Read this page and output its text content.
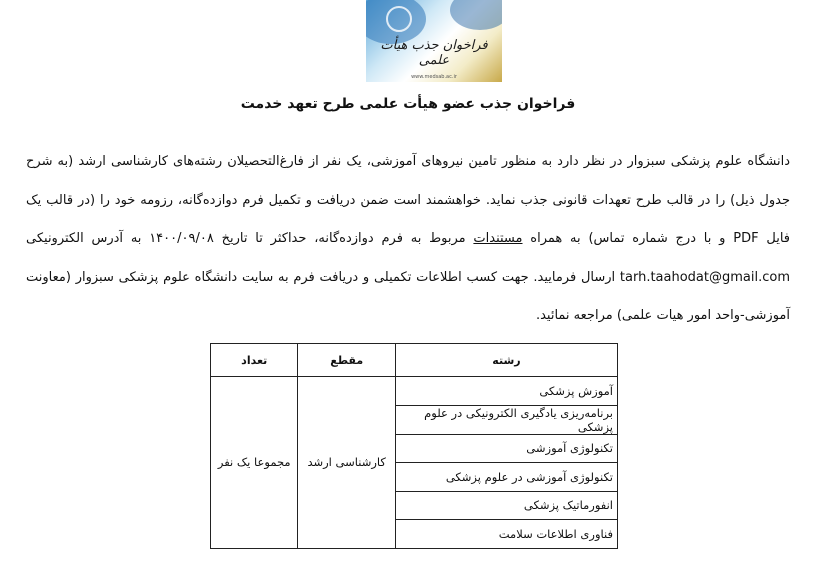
فراخوان جذب هیأت علمی
www.medsab.ac.ir
فراخوان جذب عضو هیأت علمی طرح تعهد خدمت
دانشگاه علوم پزشکی سبزوار در نظر دارد به منظور تامین نیروهای آموزشی، یک نفر از فارغ‌التحصیلان رشته‌های کارشناسی ارشد (به شرح جدول ذیل) را در قالب طرح تعهدات قانونی جذب نماید. خواهشمند است ضمن دریافت و تکمیل فرم دوازده‌گانه، رزومه خود را (در قالب یک فایل PDF و با درج شماره تماس) به همراه مستندات مربوط به فرم دوازده‌گانه، حداکثر تا تاریخ ۱۴۰۰/۰۹/۰۸ به آدرس الکترونیکی tarh.taahodat@gmail.com ارسال فرمایید. جهت کسب اطلاعات تکمیلی و دریافت فرم به سایت دانشگاه علوم پزشکی سبزوار (معاونت آموزشی-واحد امور هیات علمی) مراجعه نمائید.
رشته	مقطع	تعداد
آموزش پزشکی	کارشناسی ارشد	مجموعا یک نفر
برنامه‌ریزی یادگیری الکترونیکی در علوم پزشکی		
تکنولوژی آموزشی		
تکنولوژی آموزشی در علوم پزشکی		
انفورماتیک پزشکی		
فناوری اطلاعات سلامت		
